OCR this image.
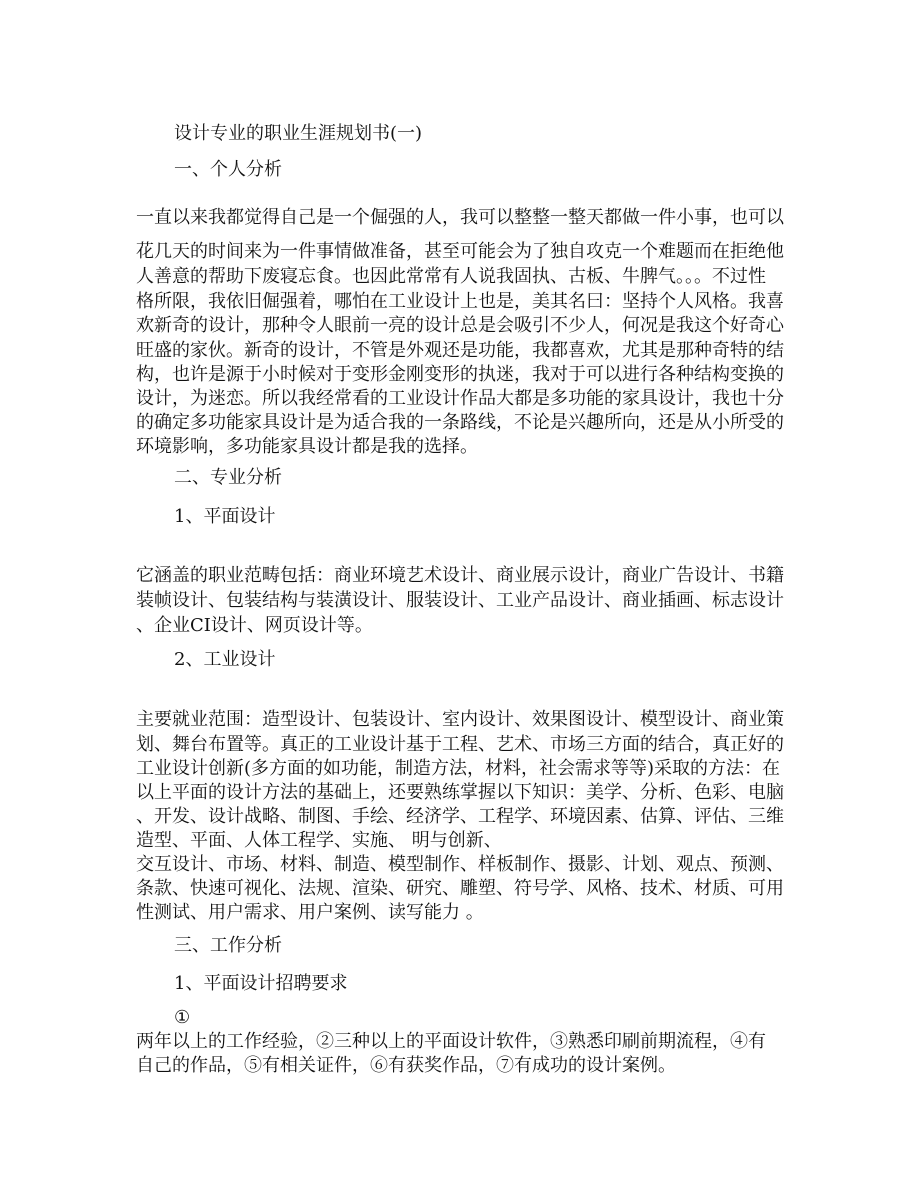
设计专业的职业生涯规划书(一)

一、个人分析

一直以来我都觉得自己是一个倔强的人，我可以整整一整天都做一件小事，也可以

花几天的时间来为一件事情做准备，甚至可能会为了独自攻克一个难题而在拒绝他

人善意的帮助下废寝忘食。也因此常常有人说我固执、古板、牛脾气。。。不过性

格所限，我依旧倔强着，哪怕在工业设计上也是，美其名曰：坚持个人风格。我喜

欢新奇的设计，那种令人眼前一亮的设计总是会吸引不少人，何况是我这个好奇心

旺盛的家伙。新奇的设计，不管是外观还是功能，我都喜欢，尤其是那种奇特的结

构，也许是源于小时候对于变形金刚变形的执迷，我对于可以进行各种结构变换的

设计，为迷恋。所以我经常看的工业设计作品大都是多功能的家具设计，我也十分

的确定多功能家具设计是为适合我的一条路线，不论是兴趣所向，还是从小所受的

环境影响，多功能家具设计都是我的选择。

二、专业分析

1、平面设计

它涵盖的职业范畴包括：商业环境艺术设计、商业展示设计，商业广告设计、书籍

装帧设计、包装结构与装潢设计、服装设计、工业产品设计、商业插画、标志设计

、企业CI设计、网页设计等。

2、工业设计

主要就业范围：造型设计、包装设计、室内设计、效果图设计、模型设计、商业策

划、舞台布置等。真正的工业设计基于工程、艺术、市场三方面的结合，真正好的

工业设计创新(多方面的如功能，制造方法，材料，社会需求等等)采取的方法：在

以上平面的设计方法的基础上，还要熟练掌握以下知识：美学、分析、色彩、电脑

、开发、设计战略、制图、手绘、经济学、工程学、环境因素、估算、评估、三维

造型、平面、人体工程学、实施、 明与创新、

交互设计、市场、材料、制造、模型制作、样板制作、摄影、计划、观点、预测、

条款、快速可视化、法规、渲染、研究、雕塑、符号学、风格、技术、材质、可用

性测试、用户需求、用户案例、读写能力 。

三、工作分析

1、平面设计招聘要求

①

两年以上的工作经验，②三种以上的平面设计软件，③熟悉印刷前期流程，④有

自己的作品，⑤有相关证件，⑥有获奖作品，⑦有成功的设计案例。
